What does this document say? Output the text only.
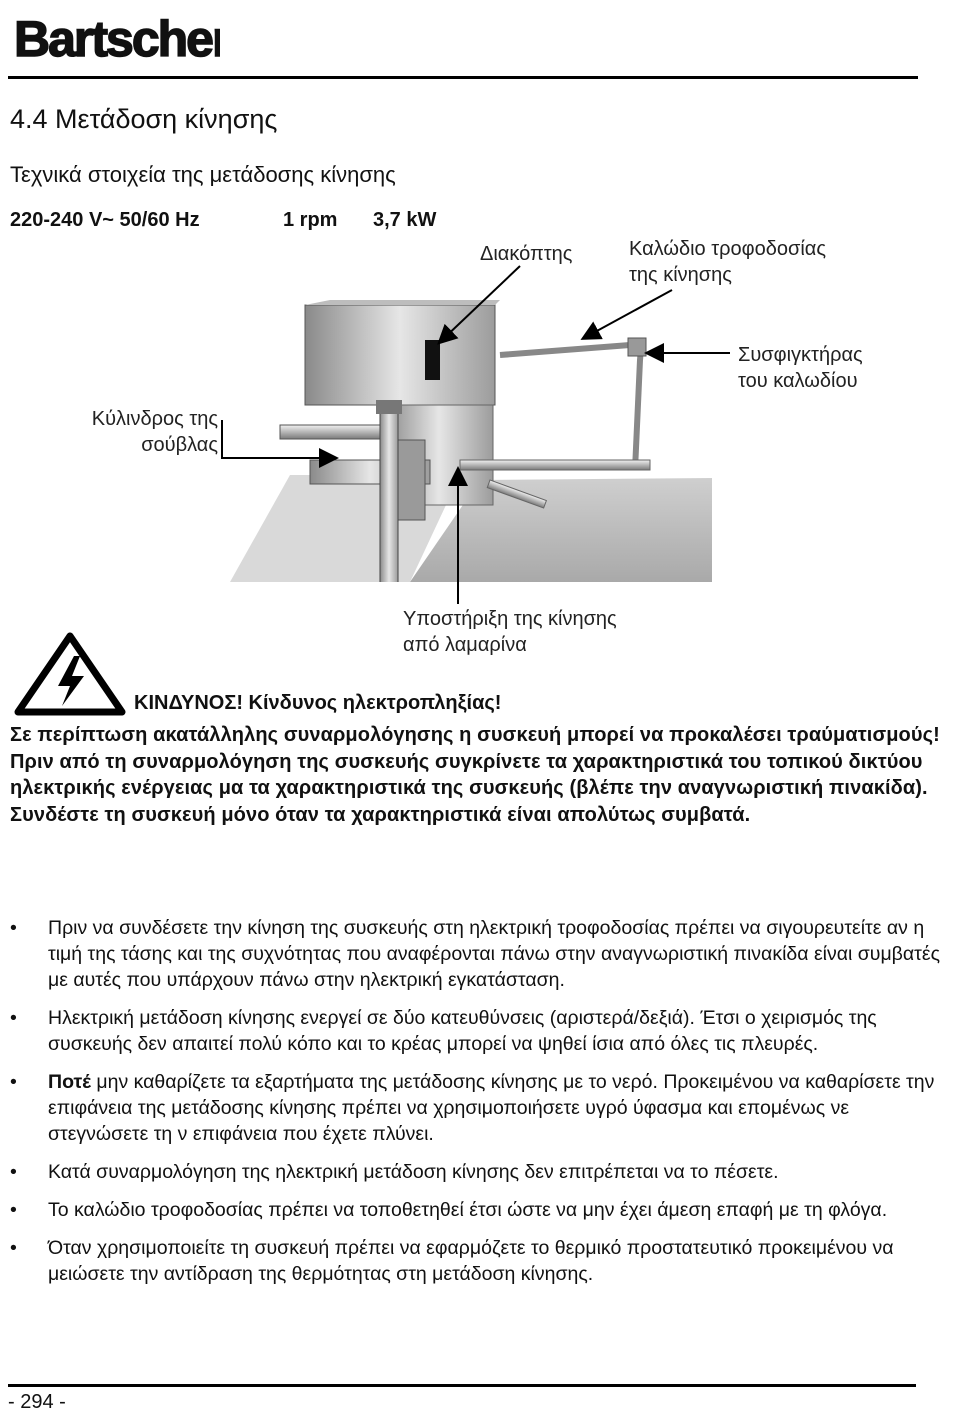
Bartscher
4.4 Μετάδοση κίνησης
Τεχνικά στοιχεία της μετάδοσης κίνησης
220-240 V~ 50/60 Hz	1 rpm 3,7 kW
Διακόπτης	Καλώδιο τροφοδοσίας
της κίνησης
Συσφιγκτήρας
του καλωδίου
Κύλινδρος της
σούβλας
Υποστήριξη της κίνησης
από λαμαρίνα
ΚΙΝΔΥΝΟΣ! Κίνδυνος ηλεκτροπληξίας!
Σε περίπτωση ακατάλληλης συναρμολόγησης η συσκευή μπορεί να προκαλέσει τραύματισμούς! Πριν από τη συναρμολόγηση της συσκευής συγκρίνετε τα χαρακτηριστικά του τοπικού δικτύου ηλεκτρικής ενέργειας μα τα χαρακτηριστικά της συσκευής (βλέπε την αναγνωριστική πινακίδα). Συνδέστε τη συσκευή μόνο όταν τα χαρακτηριστικά είναι απολύτως συμβατά.
• Πριν να συνδέσετε την κίνηση της συσκευής στη ηλεκτρική τροφοδοσίας πρέπει να σιγουρευτείτε αν η τιμή της τάσης και της συχνότητας που αναφέρονται πάνω στην αναγνωριστική πινακίδα είναι συμβατές με αυτές που υπάρχουν πάνω στην ηλεκτρική εγκατάσταση.
• Ηλεκτρική μετάδοση κίνησης ενεργεί σε δύο κατευθύνσεις (αριστερά/δεξιά). Έτσι ο χειρισμός της συσκευής δεν απαιτεί πολύ κόπο και το κρέας μπορεί να ψηθεί ίσια από όλες τις πλευρές.
• Ποτέ μην καθαρίζετε τα εξαρτήματα της μετάδοσης κίνησης με το νερό. Προκειμένου να καθαρίσετε την επιφάνεια της μετάδοσης κίνησης πρέπει να χρησιμοποιήσετε υγρό ύφασμα και επομένως νε στεγνώσετε τη ν επιφάνεια που έχετε πλύνει.
• Κατά συναρμολόγηση της ηλεκτρική μετάδοση κίνησης δεν επιτρέπεται να το πέσετε.
• Το καλώδιο τροφοδοσίας πρέπει να τοποθετηθεί έτσι ώστε να μην έχει άμεση επαφή με τη φλόγα.
• Όταν χρησιμοποιείτε τη συσκευή πρέπει να εφαρμόζετε το θερμικό προστατευτικό προκειμένου να μειώσετε την αντίδραση της θερμότητας στη μετάδοση κίνησης.
- 294 -
